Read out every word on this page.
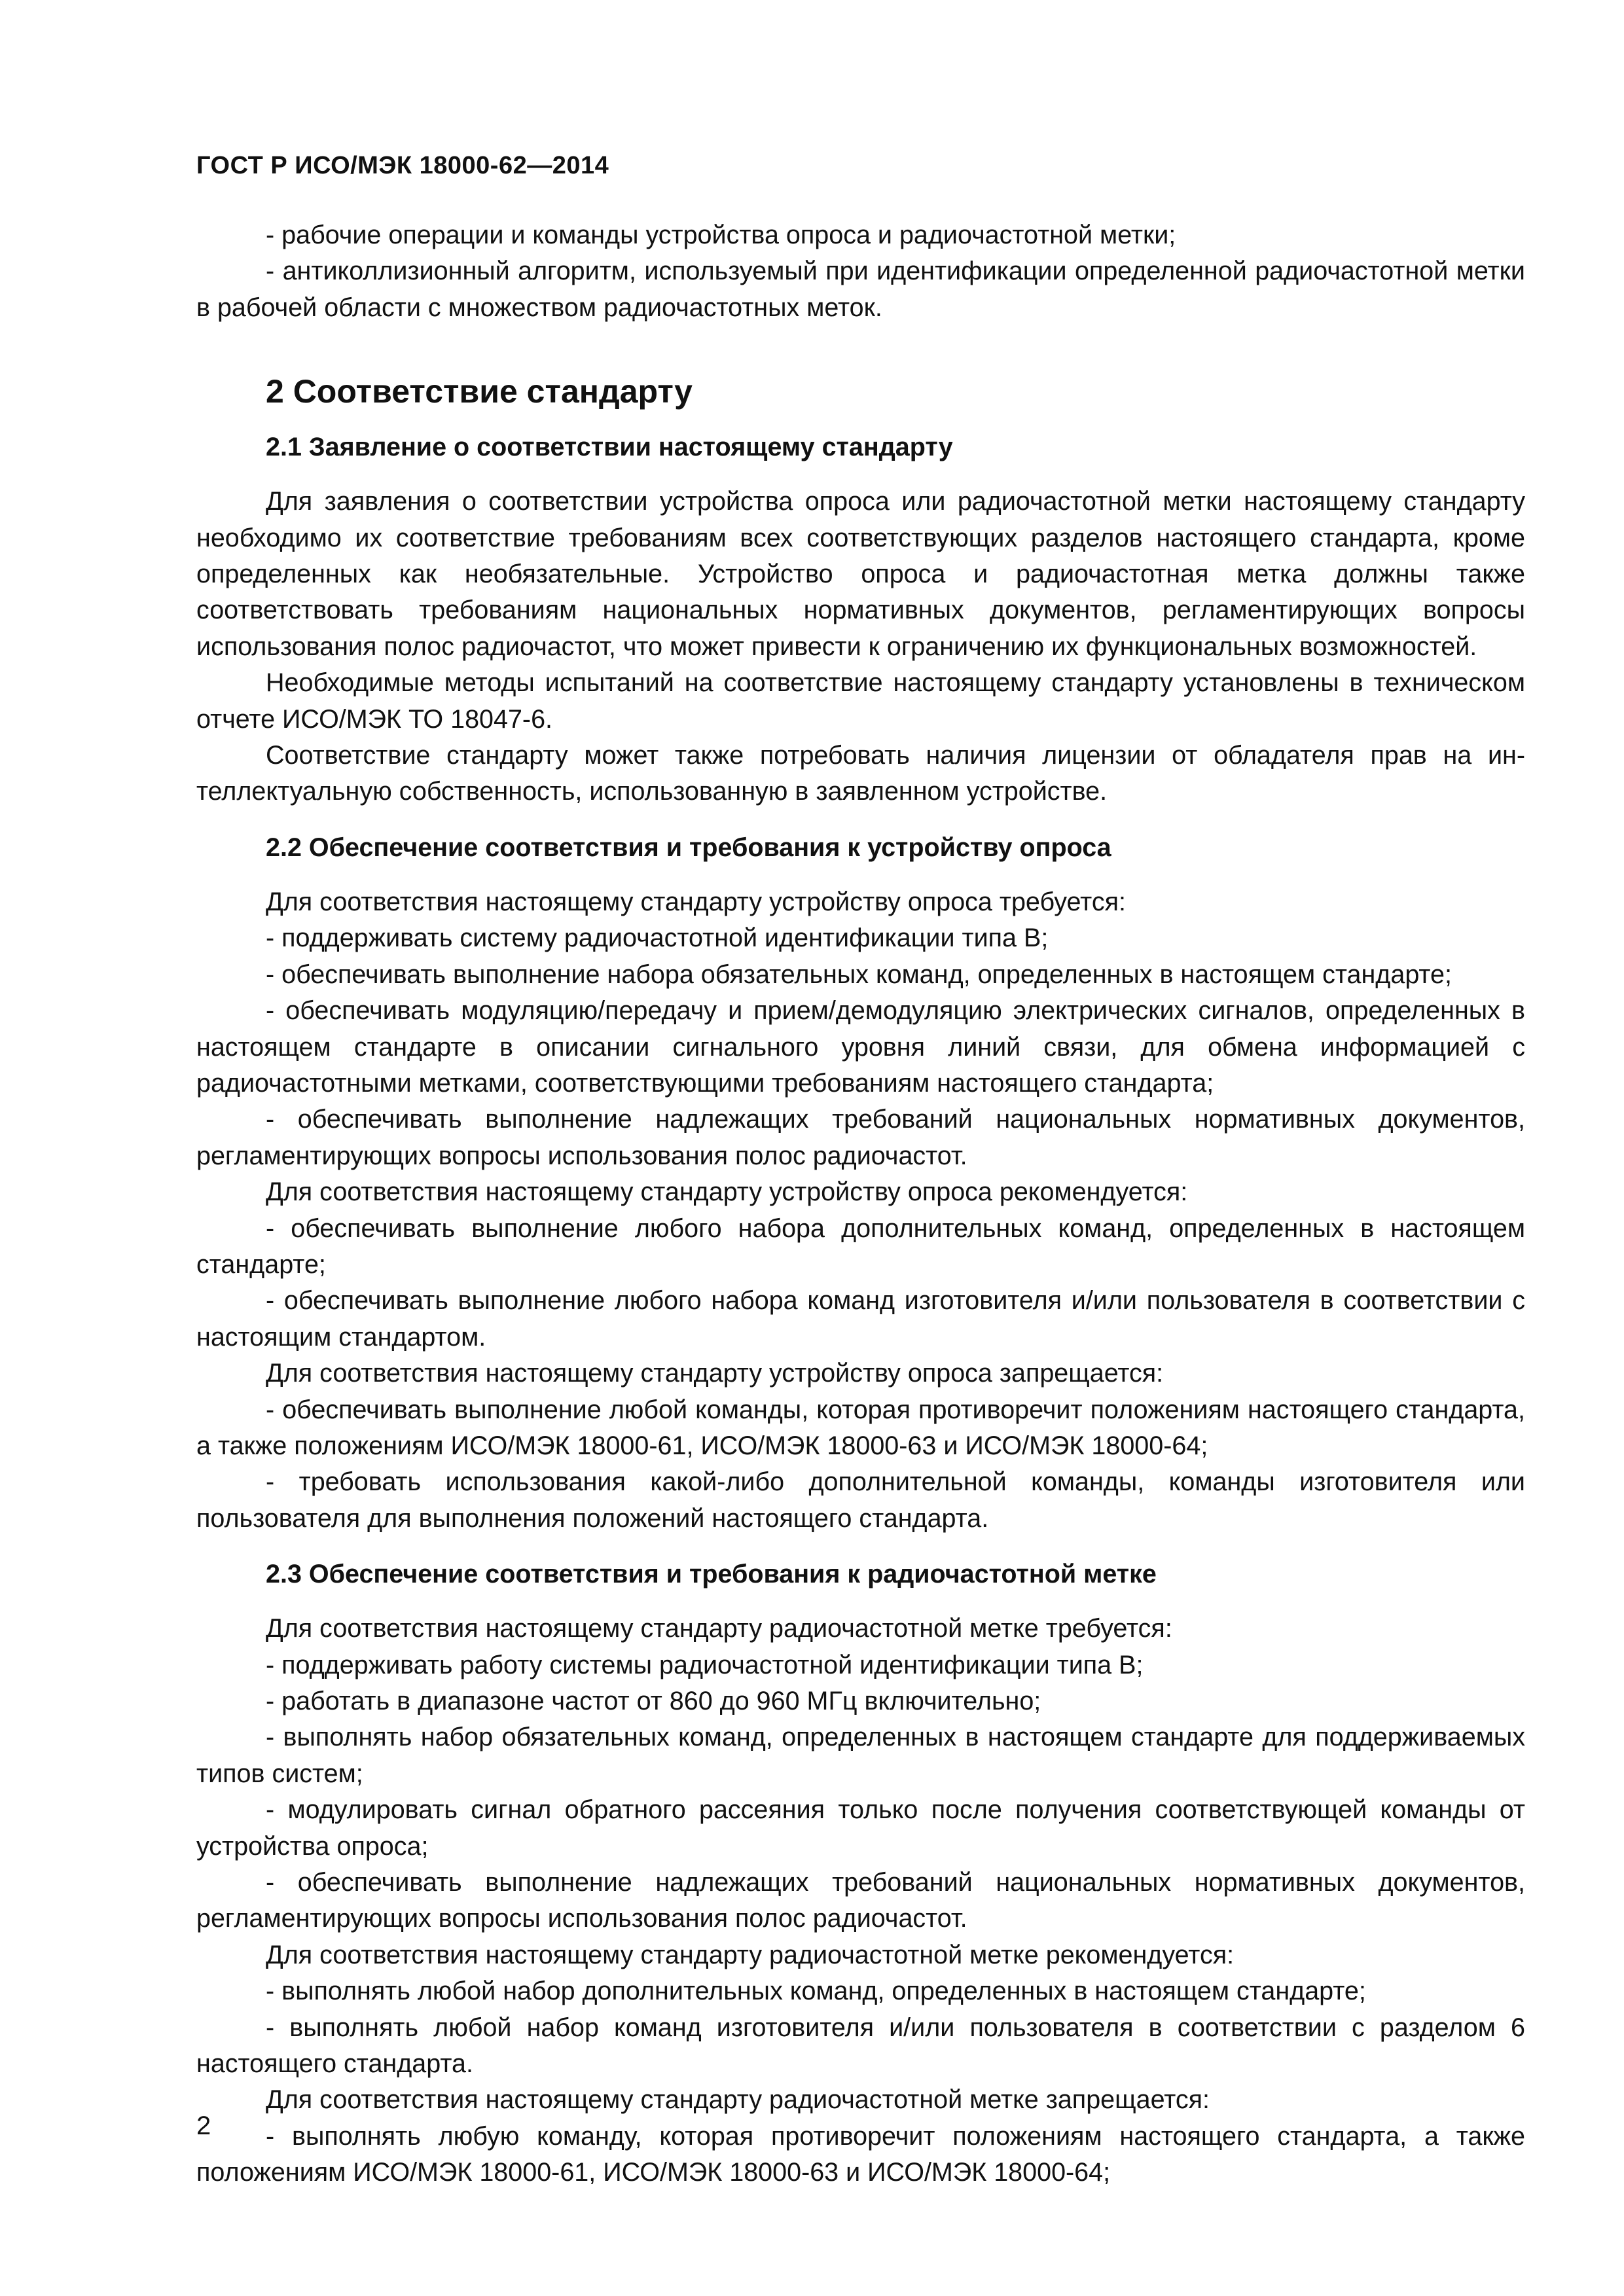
ГОСТ Р ИСО/МЭК 18000-62—2014

- рабочие операции и команды устройства опроса и радиочастотной метки;

- антиколлизионный алгоритм, используемый при идентификации определенной радиочастотной метки в рабочей области с множеством радиочастотных меток.

2 Соответствие стандарту
2.1 Заявление о соответствии настоящему стандарту

Для заявления о соответствии устройства опроса или радиочастотной метки настоящему стандарту необходимо их соответствие требованиям всех соответствующих разделов настоящего стандарта, кроме определенных как необязательные. Устройство опроса и радиочастотная метка должны также соответствовать требованиям национальных нормативных документов, регламентирующих вопросы использования полос радиочастот, что может привести к ограничению их функциональных возможностей.

Необходимые методы испытаний на соответствие настоящему стандарту установлены в техническом отчете ИСО/МЭК ТО 18047-6.

Соответствие стандарту может также потребовать наличия лицензии от обладателя прав на интеллектуальную собственность, использованную в заявленном устройстве.

2.2 Обеспечение соответствия и требования к устройству опроса

Для соответствия настоящему стандарту устройству опроса требуется:

- поддерживать систему радиочастотной идентификации типа В;

- обеспечивать выполнение набора обязательных команд, определенных в настоящем стандарте;

- обеспечивать модуляцию/передачу и прием/демодуляцию электрических сигналов, определенных в настоящем стандарте в описании сигнального уровня линий связи, для обмена информацией с радиочастотными метками, соответствующими требованиям настоящего стандарта;

- обеспечивать выполнение надлежащих требований национальных нормативных документов, регламентирующих вопросы использования полос радиочастот.

Для соответствия настоящему стандарту устройству опроса рекомендуется:

- обеспечивать выполнение любого набора дополнительных команд, определенных в настоящем стандарте;

- обеспечивать выполнение любого набора команд изготовителя и/или пользователя в соответствии с настоящим стандартом.

Для соответствия настоящему стандарту устройству опроса запрещается:

- обеспечивать выполнение любой команды, которая противоречит положениям настоящего стандарта, а также положениям ИСО/МЭК 18000-61, ИСО/МЭК 18000-63 и ИСО/МЭК 18000-64;

- требовать использования какой-либо дополнительной команды, команды изготовителя или пользователя для выполнения положений настоящего стандарта.

2.3 Обеспечение соответствия и требования к радиочастотной метке

Для соответствия настоящему стандарту радиочастотной метке требуется:

- поддерживать работу системы радиочастотной идентификации типа В;

- работать в диапазоне частот от 860 до 960 МГц включительно;

- выполнять набор обязательных команд, определенных в настоящем стандарте для поддерживаемых типов систем;

- модулировать сигнал обратного рассеяния только после получения соответствующей команды от устройства опроса;

- обеспечивать выполнение надлежащих требований национальных нормативных документов, регламентирующих вопросы использования полос радиочастот.

Для соответствия настоящему стандарту радиочастотной метке рекомендуется:

- выполнять любой набор дополнительных команд, определенных в настоящем стандарте;

- выполнять любой набор команд изготовителя и/или пользователя в соответствии с разделом 6 настоящего стандарта.

Для соответствия настоящему стандарту радиочастотной метке запрещается:

- выполнять любую команду, которая противоречит положениям настоящего стандарта, а также положениям ИСО/МЭК 18000-61, ИСО/МЭК 18000-63 и ИСО/МЭК 18000-64;

2
